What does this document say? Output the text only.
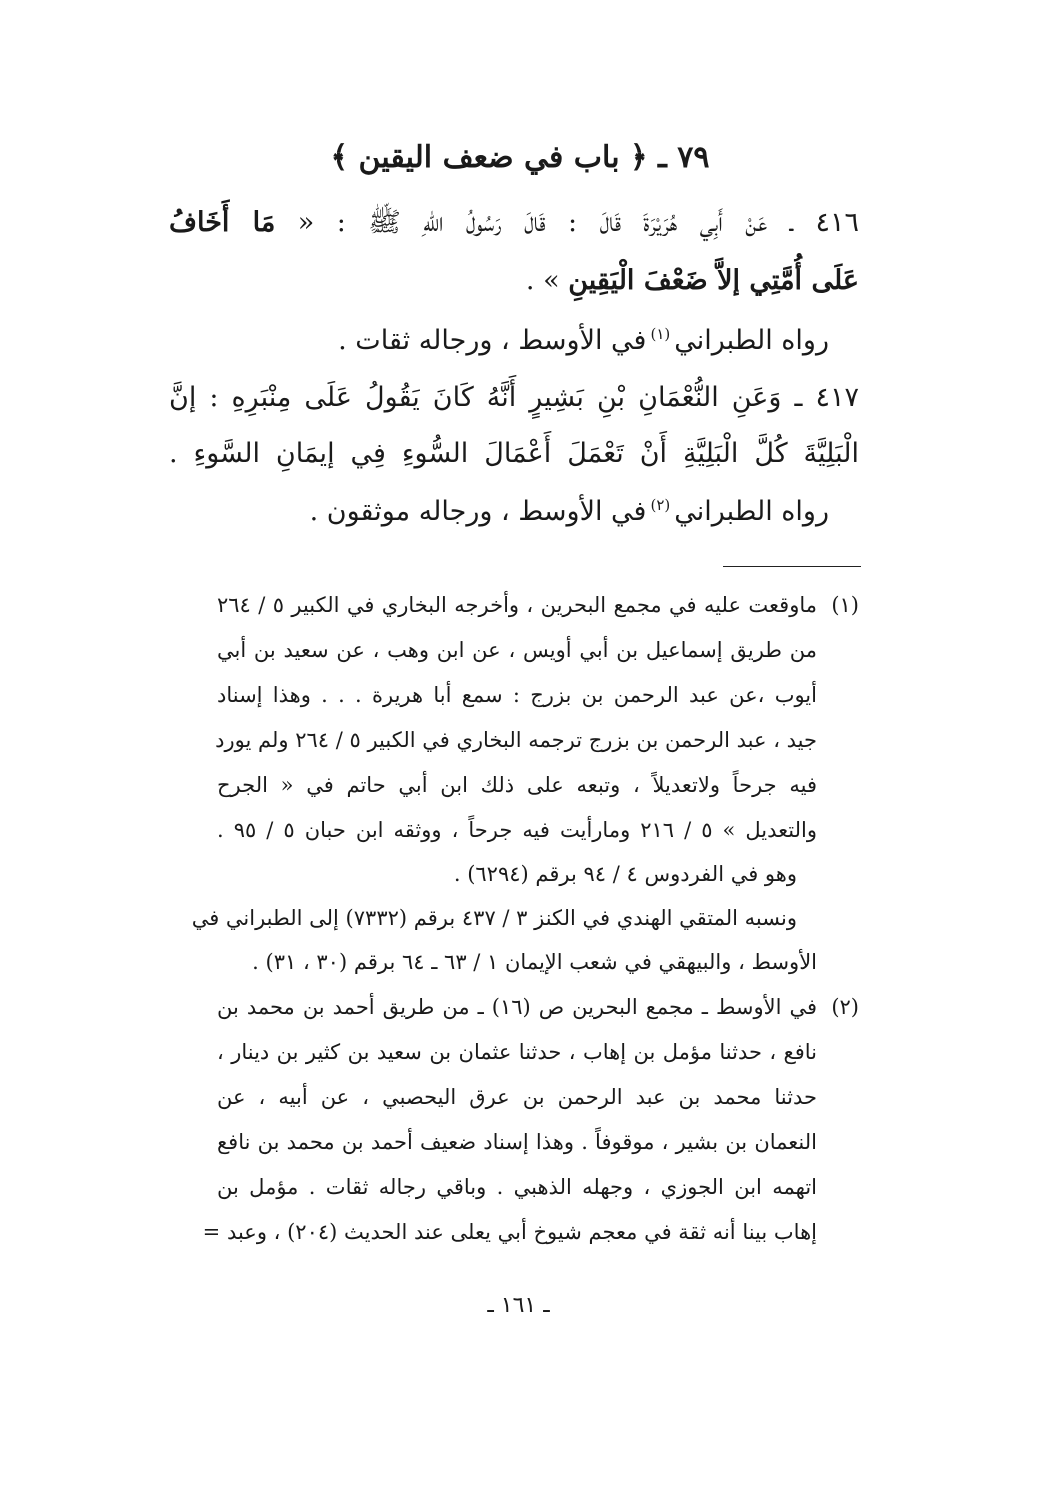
٧٩ ـ ﴿ باب في ضعف اليقين ﴾
٤١٦ ـ عَنْ أَبِي هُرَيْرَةَ قَالَ : قَالَ رَسُولُ اللهِ ﷺ : « مَا أَخَافُ
عَلَى أُمَّتِي إلاَّ ضَعْفَ الْيَقِينِ » .
رواه الطبراني$^{(١)}$في الأوسط ، ورجاله ثقات .
٤١٧ ـ وَعَنِ النُّعْمَانِ بْنِ بَشِيرٍ أَنَّهُ كَانَ يَقُولُ عَلَى مِنْبَرِهِ : إنَّ
الْبَلِيَّةَ كُلَّ الْبَلِيَّةِ أَنْ تَعْمَلَ أَعْمَالَ السُّوءِ فِي إيمَانِ السَّوءِ .
رواه الطبراني$^{(٢)}$في الأوسط ، ورجاله موثقون .
(١)
ماوقعت عليه في مجمع البحرين ، وأخرجه البخاري في الكبير ٥ / ٢٦٤
من طريق إسماعيل بن أبي أويس ، عن ابن وهب ، عن سعيد بن أبي
أيوب ،عن عبد الرحمن بن بزرج : سمع أبا هريرة . . . وهذا إسناد
جيد ، عبد الرحمن بن بزرج ترجمه البخاري في الكبير ٥ / ٢٦٤ ولم يورد
فيه جرحاً ولاتعديلاً ، وتبعه على ذلك ابن أبي حاتم في « الجرح
والتعديل » ٥ / ٢١٦ ومارأيت فيه جرحاً ، ووثقه ابن حبان ٥ / ٩٥ .
وهو في الفردوس ٤ / ٩٤ برقم (٦٢٩٤) .
ونسبه المتقي الهندي في الكنز ٣ / ٤٣٧ برقم (٧٣٣٢) إلى الطبراني في
الأوسط ، والبيهقي في شعب الإيمان ١ / ٦٣ ـ ٦٤ برقم (٣٠ ، ٣١) .
(٢)
في الأوسط ـ مجمع البحرين ص (١٦) ـ من طريق أحمد بن محمد بن
نافع ، حدثنا مؤمل بن إهاب ، حدثنا عثمان بن سعيد بن كثير بن دينار ،
حدثنا محمد بن عبد الرحمن بن عرق اليحصبي ، عن أبيه ، عن
النعمان بن بشير ، موقوفاً . وهذا إسناد ضعيف أحمد بن محمد بن نافع
اتهمه ابن الجوزي ، وجهله الذهبي . وباقي رجاله ثقات . مؤمل بن
إهاب بينا أنه ثقة في معجم شيوخ أبي يعلى عند الحديث (٢٠٤) ، وعبد =
ـ ١٦١ ـ
